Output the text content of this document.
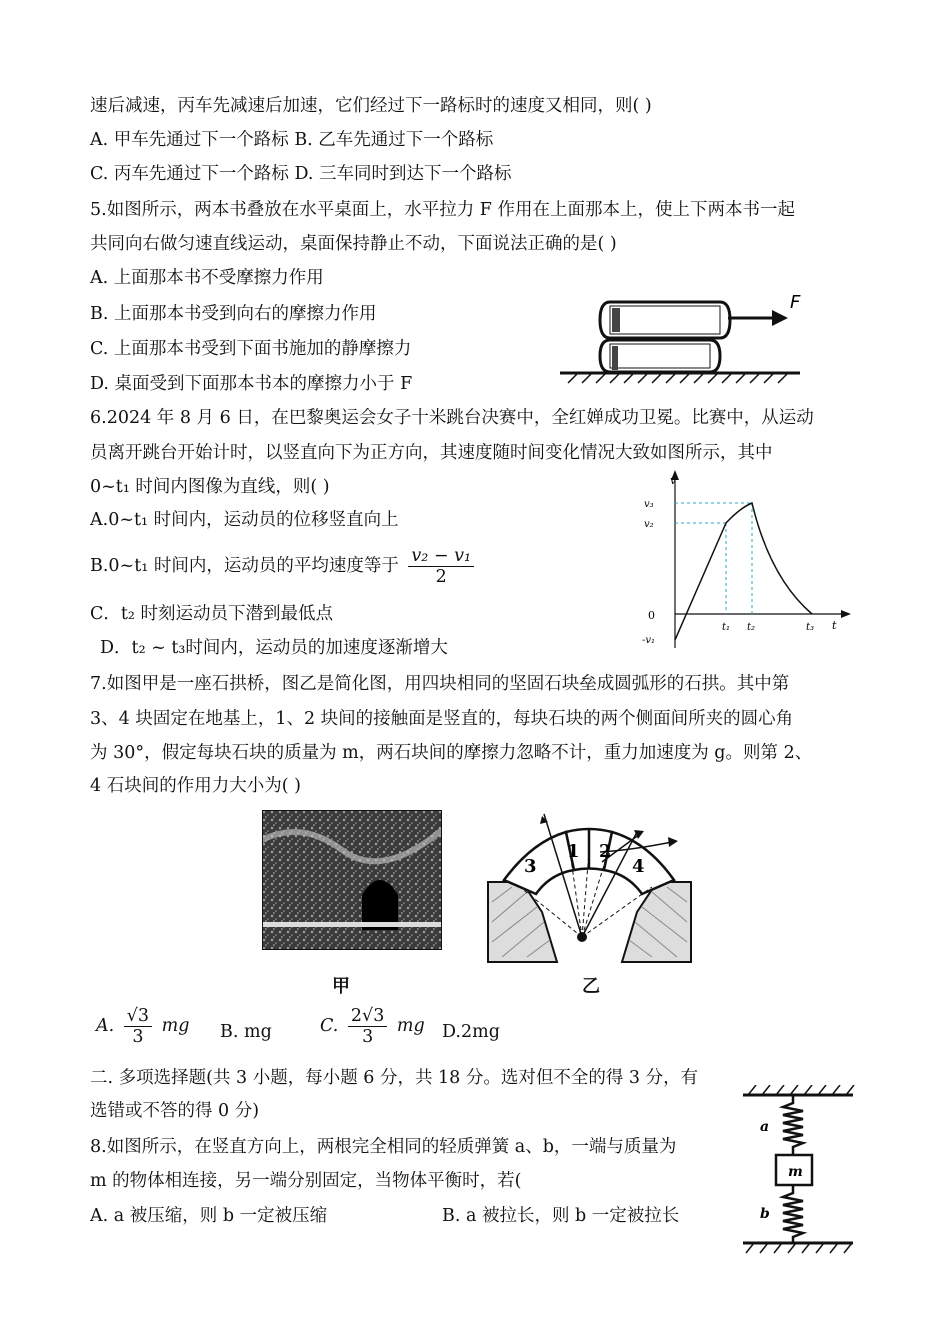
速后减速，丙车先减速后加速，它们经过下一路标时的速度又相同，则( )
A. 甲车先通过下一个路标 B. 乙车先通过下一个路标
C. 丙车先通过下一个路标 D. 三车同时到达下一个路标
5.如图所示，两本书叠放在水平桌面上，水平拉力 F 作用在上面那本上，使上下两本书一起
共同向右做匀速直线运动，桌面保持静止不动，下面说法正确的是( )
A. 上面那本书不受摩擦力作用
B. 上面那本书受到向右的摩擦力作用
C. 上面那本书受到下面书施加的静摩擦力
D. 桌面受到下面那本书本的摩擦力小于 F
6.2024 年 8 月 6 日，在巴黎奥运会女子十米跳台决赛中，全红婵成功卫冕。比赛中，从运动
员离开跳台开始计时，以竖直向下为正方向，其速度随时间变化情况大致如图所示，其中
0~t₁ 时间内图像为直线，则( )
A.0~t₁ 时间内，运动员的位移竖直向上
B.0~t₁ 时间内，运动员的平均速度等于 $\frac{\text{v₂ − v₁}}{2}$
C．t₂ 时刻运动员下潜到最低点
D．t₂ ~ t₃时间内，运动员的加速度逐渐增大
7.如图甲是一座石拱桥，图乙是简化图，用四块相同的坚固石块垒成圆弧形的石拱。其中第
3、4 块固定在地基上，1、2 块间的接触面是竖直的，每块石块的两个侧面间所夹的圆心角
为 30°，假定每块石块的质量为 m，两石块间的摩擦力忽略不计，重力加速度为 g。则第 2、
4 石块间的作用力大小为( )
A. $\frac{√3}{3}$ mg B. mg	C. $\frac{2√3}{3}$ mg D.2mg
二. 多项选择题(共 3 小题，每小题 6 分，共 18 分。选对但不全的得 3 分，有
选错或不答的得 0 分)
8.如图所示，在竖直方向上，两根完全相同的轻质弹簧 a、b，一端与质量为
m 的物体相连接，另一端分别固定，当物体平衡时，若(
A. a 被压缩，则 b 一定被压缩	B. a 被拉长，则 b 一定被拉长
F
v
t
0
v₃
v₂
-v₁
t₁ t₂	t₃
甲
3
1 2
4
乙
a
m
b
